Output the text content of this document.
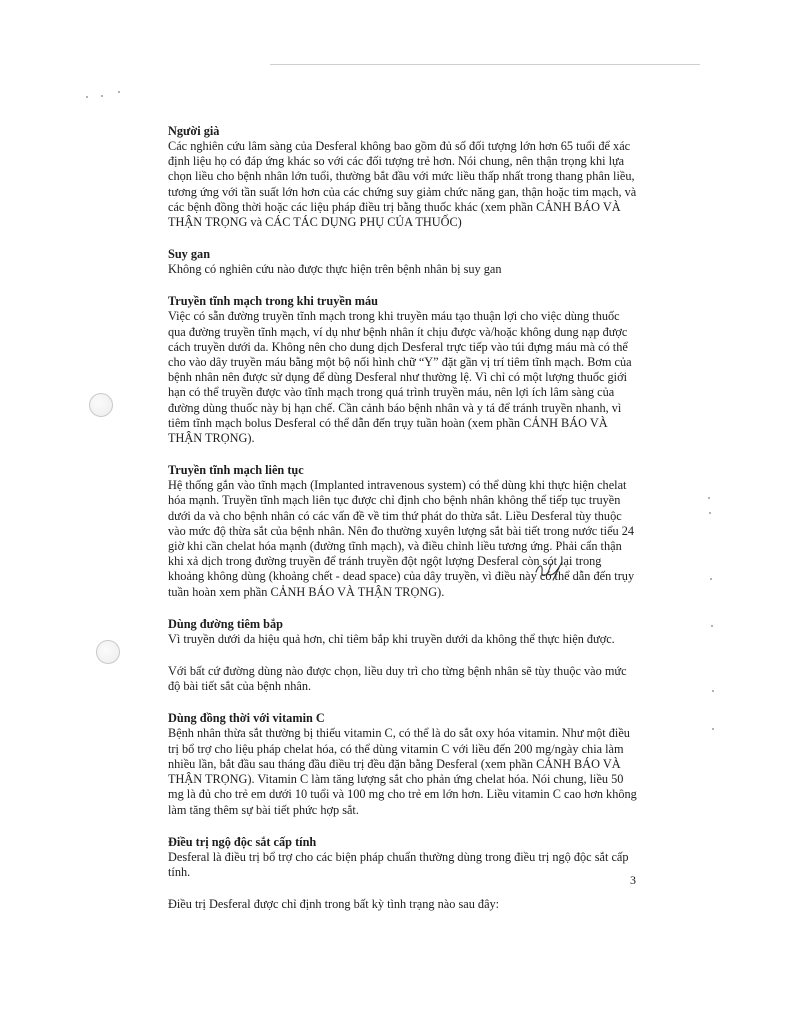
Người già

Các nghiên cứu lâm sàng của Desferal không bao gồm đủ số đối tượng lớn hơn 65 tuổi để xác
định liệu họ có đáp ứng khác so với các đối tượng trẻ hơn. Nói chung, nên thận trọng khi lựa
chọn liều cho bệnh nhân lớn tuổi, thường bắt đầu với mức liều thấp nhất trong thang phân liều,
tương ứng với tần suất lớn hơn của các chứng suy giảm chức năng gan, thận hoặc tim mạch, và
các bệnh đồng thời hoặc các liệu pháp điều trị bằng thuốc khác (xem phần CẢNH BÁO VÀ
THẬN TRỌNG và CÁC TÁC DỤNG PHỤ CỦA THUỐC)

Suy gan

Không có nghiên cứu nào được thực hiện trên bệnh nhân bị suy gan

Truyền tĩnh mạch trong khi truyền máu

Việc có sẵn đường truyền tĩnh mạch trong khi truyền máu tạo thuận lợi cho việc dùng thuốc
qua đường truyền tĩnh mạch, ví dụ như bệnh nhân ít chịu được và/hoặc không dung nạp được
cách truyền dưới da. Không nên cho dung dịch Desferal trực tiếp vào túi đựng máu mà có thể
cho vào dây truyền máu bằng một bộ nối hình chữ “Y” đặt gần vị trí tiêm tĩnh mạch. Bơm của
bệnh nhân nên được sử dụng để dùng Desferal như thường lệ. Vì chỉ có một lượng thuốc giới
hạn có thể truyền được vào tĩnh mạch trong quá trình truyền máu, nên lợi ích lâm sàng của
đường dùng thuốc này bị hạn chế. Cần cảnh báo bệnh nhân và y tá để tránh truyền nhanh, vì
tiêm tĩnh mạch bolus Desferal có thể dẫn đến trụy tuần hoàn (xem phần CẢNH BÁO VÀ
THẬN TRỌNG).

Truyền tĩnh mạch liên tục

Hệ thống gắn vào tĩnh mạch (Implanted intravenous system) có thể dùng khi thực hiện chelat
hóa mạnh. Truyền tĩnh mạch liên tục được chỉ định cho bệnh nhân không thể tiếp tục truyền
dưới da và cho bệnh nhân có các vấn đề về tim thứ phát do thừa sắt. Liều Desferal tùy thuộc
vào mức độ thừa sắt của bệnh nhân. Nên đo thường xuyên lượng sắt bài tiết trong nước tiểu 24
giờ khi cần chelat hóa mạnh (đường tĩnh mạch), và điều chỉnh liều tương ứng. Phải cẩn thận
khi xả dịch trong đường truyền để tránh truyền đột ngột lượng Desferal còn sót lại trong
khoảng không dùng (khoảng chết - dead space) của dây truyền, vì điều này có thể dẫn đến trụy
tuần hoàn xem phần CẢNH BÁO VÀ THẬN TRỌNG).

Dùng đường tiêm bắp

Vì truyền dưới da hiệu quả hơn, chỉ tiêm bắp khi truyền dưới da không thể thực hiện được.
Với bất cứ đường dùng nào được chọn, liều duy trì cho từng bệnh nhân sẽ tùy thuộc vào mức
độ bài tiết sắt của bệnh nhân.

Dùng đồng thời với vitamin C

Bệnh nhân thừa sắt thường bị thiếu vitamin C, có thể là do sắt oxy hóa vitamin. Như một điều
trị bổ trợ cho liệu pháp chelat hóa, có thể dùng vitamin C với liều đến 200 mg/ngày chia làm
nhiều lần, bắt đầu sau tháng đầu điều trị đều đặn bằng Desferal (xem phần CẢNH BÁO VÀ
THẬN TRỌNG). Vitamin C làm tăng lượng sắt cho phản ứng chelat hóa. Nói chung, liều 50
mg là đủ cho trẻ em dưới 10 tuổi và 100 mg cho trẻ em lớn hơn. Liều vitamin C cao hơn không
làm tăng thêm sự bài tiết phức hợp sắt.

Điều trị ngộ độc sắt cấp tính

Desferal là điều trị bổ trợ cho các biện pháp chuẩn thường dùng trong điều trị ngộ độc sắt cấp
tính.

Điều trị Desferal được chỉ định trong bất kỳ tình trạng nào sau đây:

3
